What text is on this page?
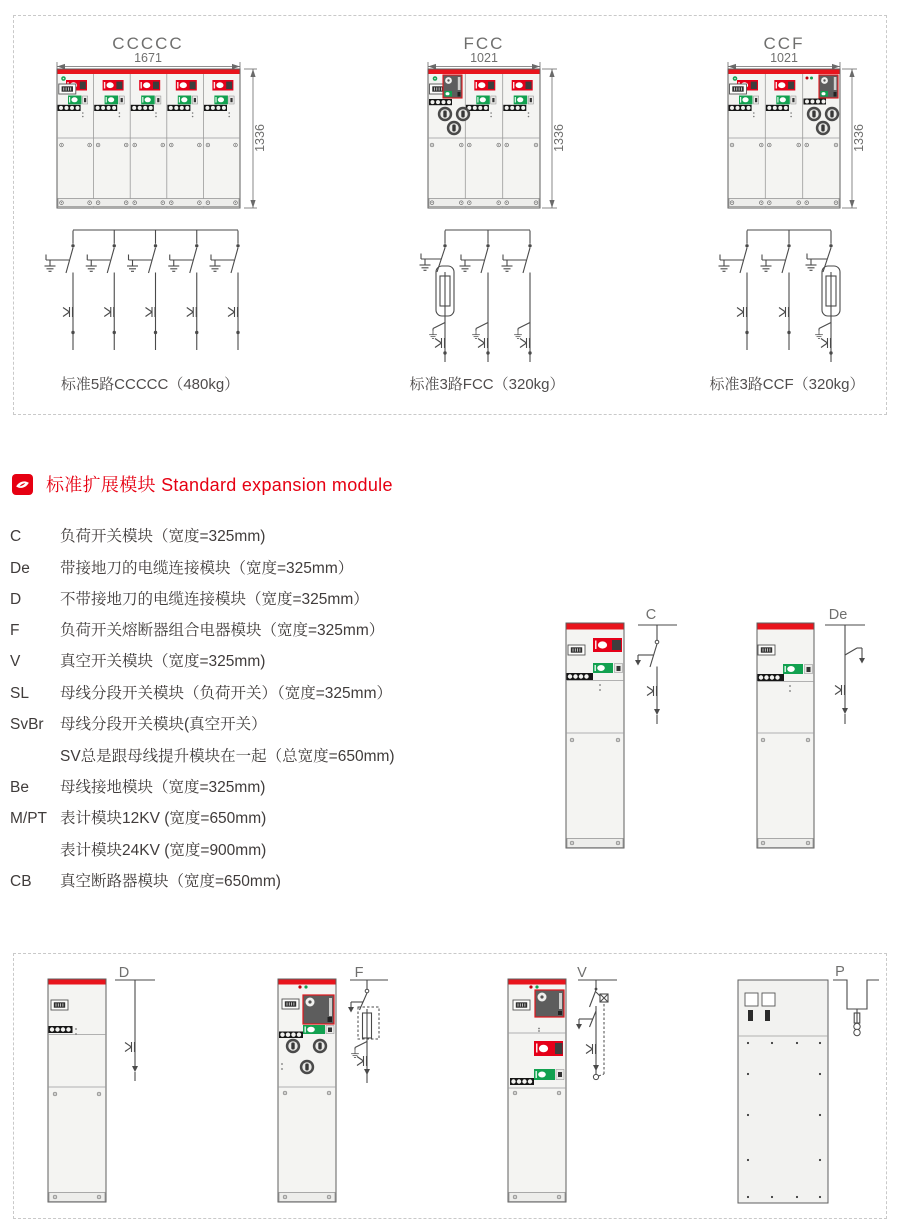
CCCCC
1671
1336
标准5路CCCCC（480kg）
FCC
1021
1336
标准3路FCC（320kg）
CCF
1021
1336
标准3路CCF（320kg）
标准扩展模块 Standard expansion module
C	负荷开关模块（宽度=325mm)
De	带接地刀的电缆连接模块（宽度=325mm）
D	不带接地刀的电缆连接模块（宽度=325mm）
F	负荷开关熔断器组合电器模块（宽度=325mm）
V	真空开关模块（宽度=325mm)
SL	母线分段开关模块（负荷开关）（宽度=325mm）
SvBr	母线分段开关模块(真空开关）
SV总是跟母线提升模块在一起（总宽度=650mm)
Be	母线接地模块（宽度=325mm)
M/PT 表计模块12KV (宽度=650mm)
表计模块24KV (宽度=900mm)
CB	真空断路器模块（宽度=650mm)
C	De
D	F	V	P
